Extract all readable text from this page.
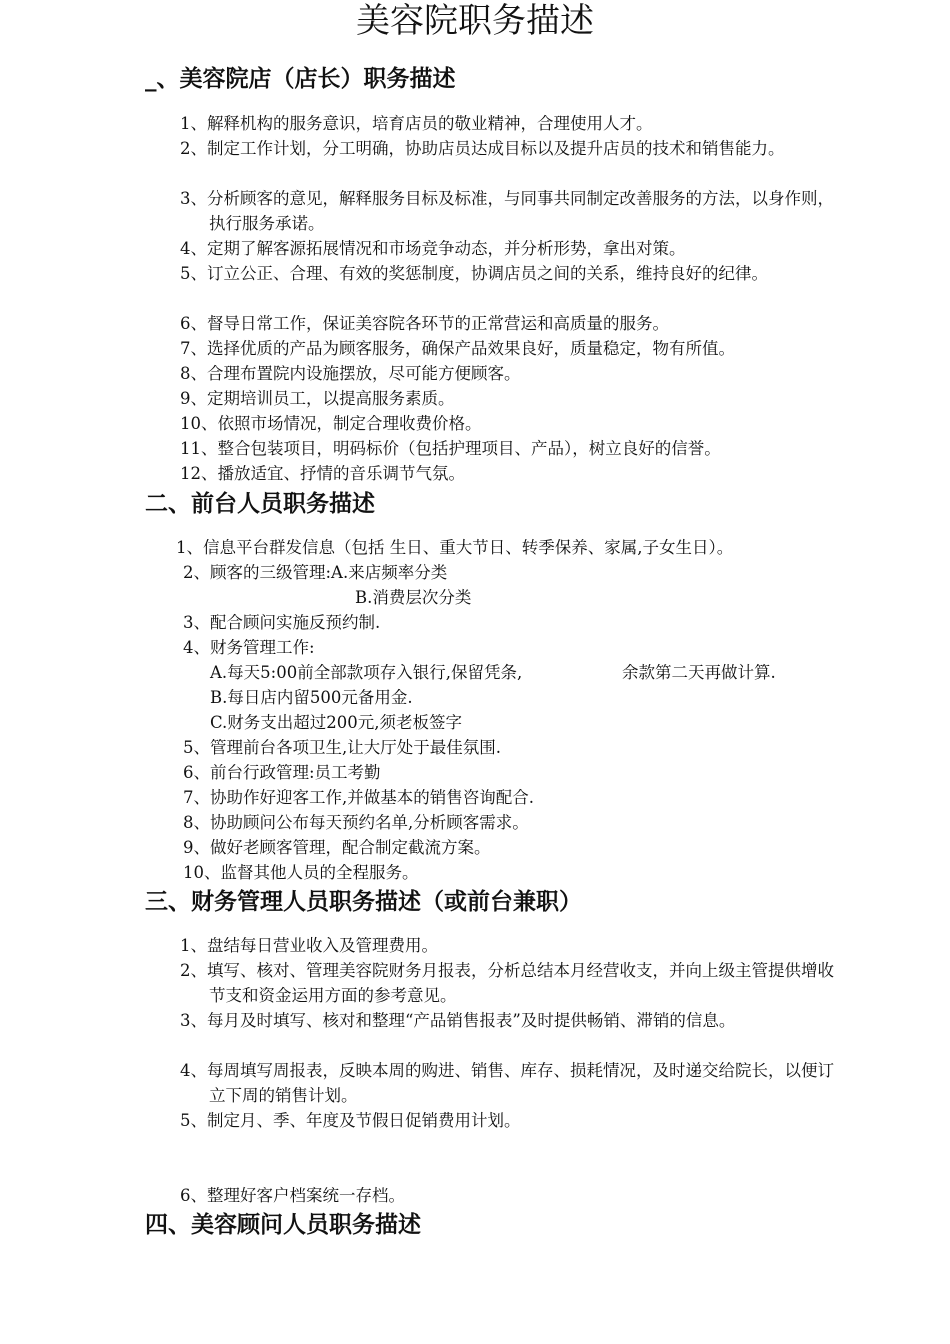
美容院职务描述
_、美容院店（店长）职务描述

1、解释机构的服务意识，培育店员的敬业精神，合理使用人才。

2、制定工作计划，分工明确，协助店员达成目标以及提升店员的技术和销售能力。

3、分析顾客的意见，解释服务目标及标准，与同事共同制定改善服务的方法，以身作则，执行服务承诺。

4、定期了解客源拓展情况和市场竞争动态，并分析形势，拿出对策。

5、订立公正、合理、有效的奖惩制度，协调店员之间的关系，维持良好的纪律。

6、督导日常工作，保证美容院各环节的正常营运和高质量的服务。

7、选择优质的产品为顾客服务，确保产品效果良好，质量稳定，物有所值。

8、合理布置院内设施摆放，尽可能方便顾客。

9、定期培训员工，以提高服务素质。

10、依照市场情况，制定合理收费价格。

11、整合包装项目，明码标价（包括护理项目、产品），树立良好的信誉。

12、播放适宜、抒情的音乐调节气氛。

二、前台人员职务描述

1、信息平台群发信息（包括 生日、重大节日、转季保养、家属,子女生日）。

2、顾客的三级管理:A.来店频率分类

B.消费层次分类

3、配合顾问实施反预约制.

4、财务管理工作:

A.每天5:00前全部款项存入银行,保留凭条,	余款第二天再做计算.

B.每日店内留500元备用金.

C.财务支出超过200元,须老板签字

5、管理前台各项卫生,让大厅处于最佳氛围.

6、前台行政管理:员工考勤

7、协助作好迎客工作,并做基本的销售咨询配合.

8、协助顾问公布每天预约名单,分析顾客需求。

9、做好老顾客管理，配合制定截流方案。

10、监督其他人员的全程服务。

三、财务管理人员职务描述（或前台兼职）

1、盘结每日营业收入及管理费用。

2、填写、核对、管理美容院财务月报表，分析总结本月经营收支，并向上级主管提供增收节支和资金运用方面的参考意见。

3、每月及时填写、核对和整理“产品销售报表”及时提供畅销、滞销的信息。

4、每周填写周报表，反映本周的购进、销售、库存、损耗情况，及时递交给院长，以便订立下周的销售计划。

5、制定月、季、年度及节假日促销费用计划。

6、整理好客户档案统一存档。

四、美容顾问人员职务描述
